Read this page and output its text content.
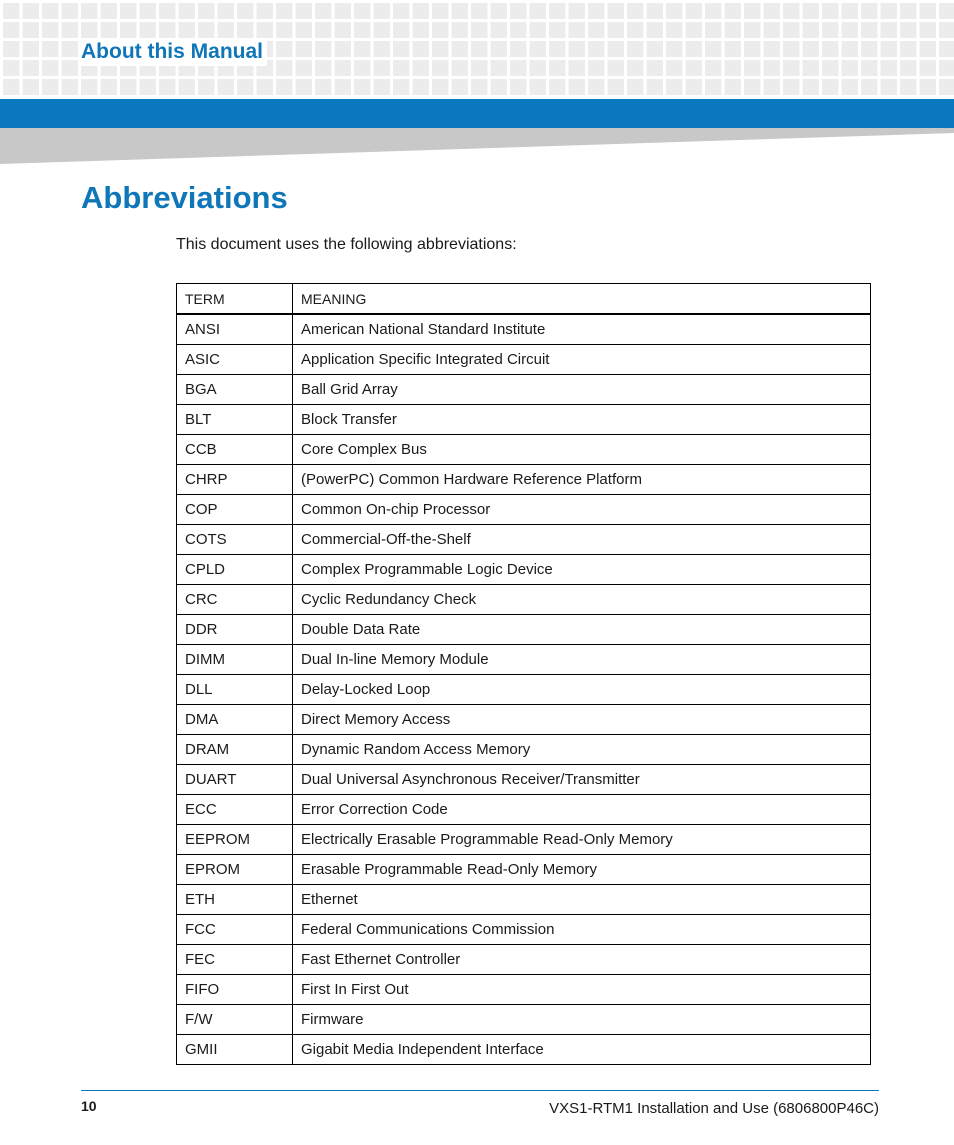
About this Manual
Abbreviations
This document uses the following abbreviations:
TERM	MEANING
ANSI	American National Standard Institute
ASIC	Application Specific Integrated Circuit
BGA	Ball Grid Array
BLT	Block Transfer
CCB	Core Complex Bus
CHRP	(PowerPC) Common Hardware Reference Platform
COP	Common On-chip Processor
COTS	Commercial-Off-the-Shelf
CPLD	Complex Programmable Logic Device
CRC	Cyclic Redundancy Check
DDR	Double Data Rate
DIMM	Dual In-line Memory Module
DLL	Delay-Locked Loop
DMA	Direct Memory Access
DRAM	Dynamic Random Access Memory
DUART	Dual Universal Asynchronous Receiver/Transmitter
ECC	Error Correction Code
EEPROM	Electrically Erasable Programmable Read-Only Memory
EPROM	Erasable Programmable Read-Only Memory
ETH	Ethernet
FCC	Federal Communications Commission
FEC	Fast Ethernet Controller
FIFO	First In First Out
F/W	Firmware
GMII	Gigabit Media Independent Interface
10	VXS1-RTM1 Installation and Use (6806800P46C)
